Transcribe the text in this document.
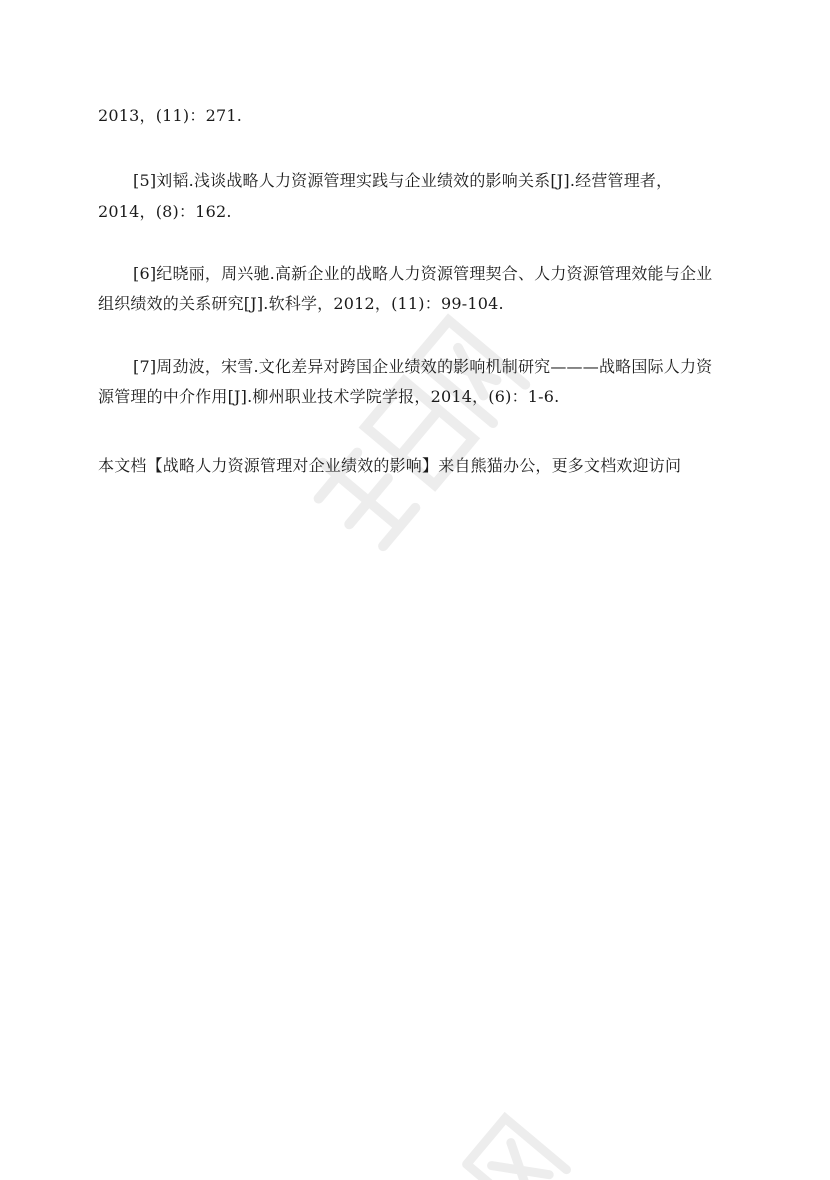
2013，(11)：271.
[5]刘韬.浅谈战略人力资源管理实践与企业绩效的影响关系[J].经营管理者，
2014，(8)：162.
[6]纪晓丽，周兴驰.高新企业的战略人力资源管理契合、人力资源管理效能与企业
组织绩效的关系研究[J].软科学，2012，(11)：99-104.
[7]周劲波，宋雪.文化差异对跨国企业绩效的影响机制研究———战略国际人力资
源管理的中介作用[J].柳州职业技术学院学报，2014，(6)：1-6.
本文档【战略人力资源管理对企业绩效的影响】来自熊猫办公，更多文档欢迎访问
